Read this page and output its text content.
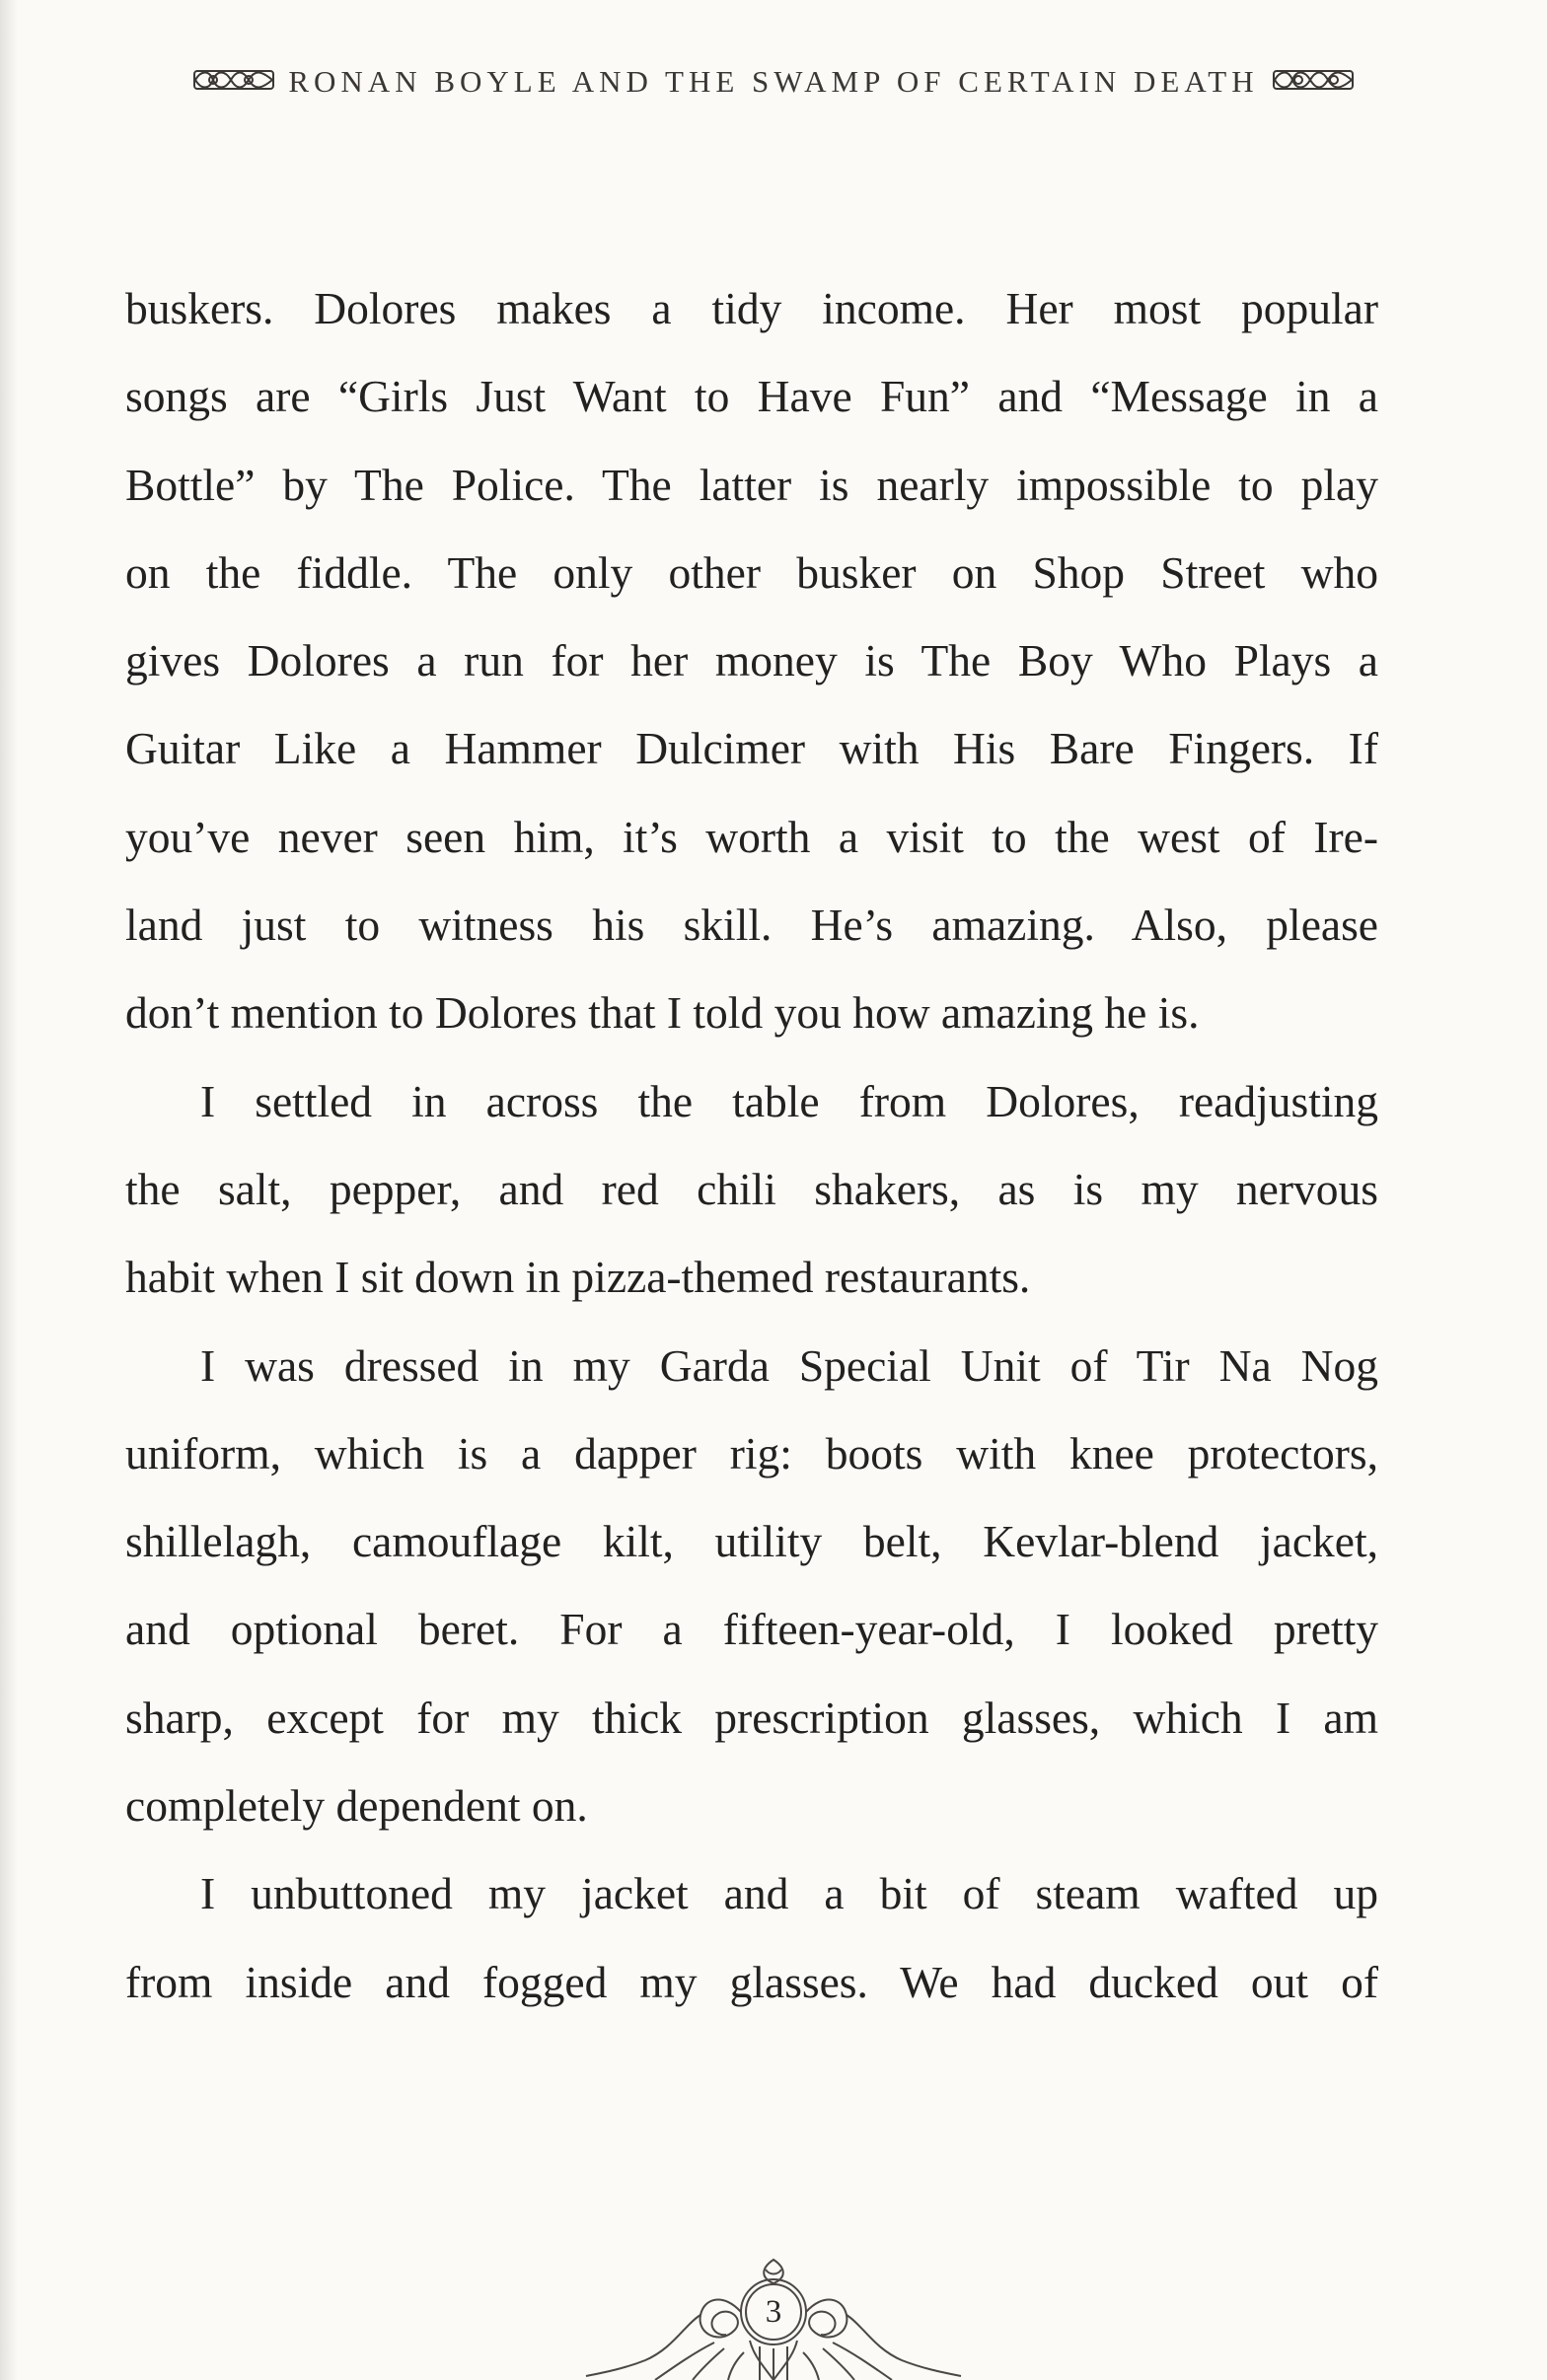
RONAN BOYLE AND THE SWAMP OF CERTAIN DEATH
buskers. Dolores makes a tidy income. Her most popular
songs are “Girls Just Want to Have Fun” and “Message in a
Bottle” by The Police. The latter is nearly impossible to play
on the fiddle. The only other busker on Shop Street who
gives Dolores a run for her money is The Boy Who Plays a
Guitar Like a Hammer Dulcimer with His Bare Fingers. If
you’ve never seen him, it’s worth a visit to the west of Ire-
land just to witness his skill. He’s amazing. Also, please
don’t mention to Dolores that I told you how amazing he is.
I settled in across the table from Dolores, readjusting
the salt, pepper, and red chili shakers, as is my nervous
habit when I sit down in pizza-themed restaurants.
I was dressed in my Garda Special Unit of Tir Na Nog
uniform, which is a dapper rig: boots with knee protectors,
shillelagh, camouflage kilt, utility belt, Kevlar-blend jacket,
and optional beret. For a fifteen-year-old, I looked pretty
sharp, except for my thick prescription glasses, which I am
completely dependent on.
I unbuttoned my jacket and a bit of steam wafted up
from inside and fogged my glasses. We had ducked out of
3
